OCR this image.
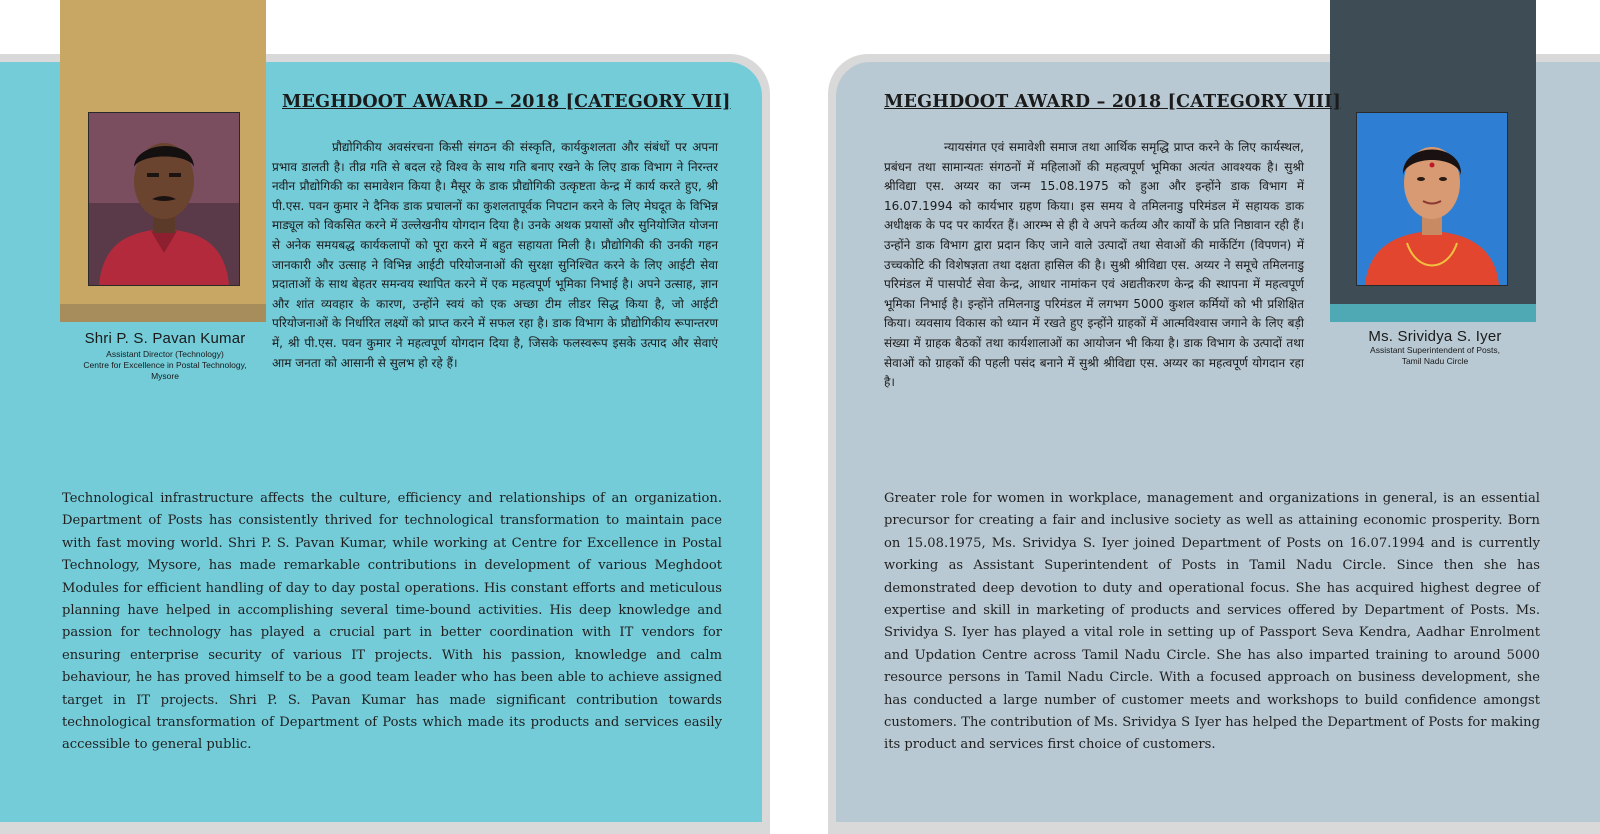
Shri P. S. Pavan Kumar
Assistant Director (Technology)
Centre for Excellence in Postal Technology,
Mysore
Ms. Srividya S. Iyer
Assistant Superintendent of Posts,
Tamil Nadu Circle
MEGHDOOT AWARD – 2018 [CATEGORY VII]	MEGHDOOT AWARD – 2018 [CATEGORY VIII]

प्रौद्योगिकीय अवसंरचना किसी संगठन की संस्कृति, कार्यकुशलता और संबंधों पर अपना प्रभाव डालती है। तीव्र गति से बदल रहे विश्व के साथ गति बनाए रखने के लिए डाक विभाग ने निरन्तर नवीन प्रौद्योगिकी का समावेशन किया है। मैसूर के डाक प्रौद्योगिकी उत्कृष्टता केन्द्र में कार्य करते हुए, श्री पी.एस. पवन कुमार ने दैनिक डाक प्रचालनों का कुशलतापूर्वक निपटान करने के लिए मेघदूत के विभिन्न माड्यूल को विकसित करने में उल्लेखनीय योगदान दिया है। उनके अथक प्रयासों और सुनियोजित योजना से अनेक समयबद्ध कार्यकलापों को पूरा करने में बहुत सहायता मिली है। प्रौद्योगिकी की उनकी गहन जानकारी और उत्साह ने विभिन्न आईटी परियोजनाओं की सुरक्षा सुनिश्चित करने के लिए आईटी सेवा प्रदाताओं के साथ बेहतर समन्वय स्थापित करने में एक महत्वपूर्ण भूमिका निभाई है। अपने उत्साह, ज्ञान और शांत व्यवहार के कारण, उन्होंने स्वयं को एक अच्छा टीम लीडर सिद्ध किया है, जो आईटी परियोजनाओं के निर्धारित लक्ष्यों को प्राप्त करने में सफल रहा है। डाक विभाग के प्रौद्योगिकीय रूपान्तरण में, श्री पी.एस. पवन कुमार ने महत्वपूर्ण योगदान दिया है, जिसके फलस्वरूप इसके उत्पाद और सेवाएं आम जनता को आसानी से सुलभ हो रहे हैं।

न्यायसंगत एवं समावेशी समाज तथा आर्थिक समृद्धि प्राप्त करने के लिए कार्यस्थल, प्रबंधन तथा सामान्यतः संगठनों में महिलाओं की महत्वपूर्ण भूमिका अत्यंत आवश्यक है। सुश्री श्रीविद्या एस. अय्यर का जन्म 15.08.1975 को हुआ और इन्होंने डाक विभाग में 16.07.1994 को कार्यभार ग्रहण किया। इस समय वे तमिलनाडु परिमंडल में सहायक डाक अधीक्षक के पद पर कार्यरत हैं। आरम्भ से ही वे अपने कर्तव्य और कार्यों के प्रति निष्ठावान रही हैं। उन्होंने डाक विभाग द्वारा प्रदान किए जाने वाले उत्पादों तथा सेवाओं की मार्केटिंग (विपणन) में उच्चकोटि की विशेषज्ञता तथा दक्षता हासिल की है। सुश्री श्रीविद्या एस. अय्यर ने समूचे तमिलनाडु परिमंडल में पासपोर्ट सेवा केन्द्र, आधार नामांकन एवं अद्यतीकरण केन्द्र की स्थापना में महत्वपूर्ण भूमिका निभाई है। इन्होंने तमिलनाडु परिमंडल में लगभग 5000 कुशल कर्मियों को भी प्रशिक्षित किया। व्यवसाय विकास को ध्यान में रखते हुए इन्होंने ग्राहकों में आत्मविश्वास जगाने के लिए बड़ी संख्या में ग्राहक बैठकों तथा कार्यशालाओं का आयोजन भी किया है। डाक विभाग के उत्पादों तथा सेवाओं को ग्राहकों की पहली पसंद बनाने में सुश्री श्रीविद्या एस. अय्यर का महत्वपूर्ण योगदान रहा है।

Technological infrastructure affects the culture, efficiency and relationships of an organization. Department of Posts has consistently thrived for technological transformation to maintain pace with fast moving world. Shri P. S. Pavan Kumar, while working at Centre for Excellence in Postal Technology, Mysore, has made remarkable contributions in development of various Meghdoot Modules for efficient handling of day to day postal operations. His constant efforts and meticulous planning have helped in accomplishing several time-bound activities. His deep knowledge and passion for technology has played a crucial part in better coordination with IT vendors for ensuring enterprise security of various IT projects. With his passion, knowledge and calm behaviour, he has proved himself to be a good team leader who has been able to achieve assigned target in IT projects. Shri P. S. Pavan Kumar has made significant contribution towards technological transformation of Department of Posts which made its products and services easily accessible to general public.
Greater role for women in workplace, management and organizations in general, is an essential precursor for creating a fair and inclusive society as well as attaining economic prosperity. Born on 15.08.1975, Ms. Srividya S. Iyer joined Department of Posts on 16.07.1994 and is currently working as Assistant Superintendent of Posts in Tamil Nadu Circle. Since then she has demonstrated deep devotion to duty and operational focus. She has acquired highest degree of expertise and skill in marketing of products and services offered by Department of Posts. Ms. Srividya S. Iyer has played a vital role in setting up of Passport Seva Kendra, Aadhar Enrolment and Updation Centre across Tamil Nadu Circle. She has also imparted training to around 5000 resource persons in Tamil Nadu Circle. With a focused approach on business development, she has conducted a large number of customer meets and workshops to build confidence amongst customers. The contribution of Ms. Srividya S Iyer has helped the Department of Posts for making its product and services first choice of customers.
